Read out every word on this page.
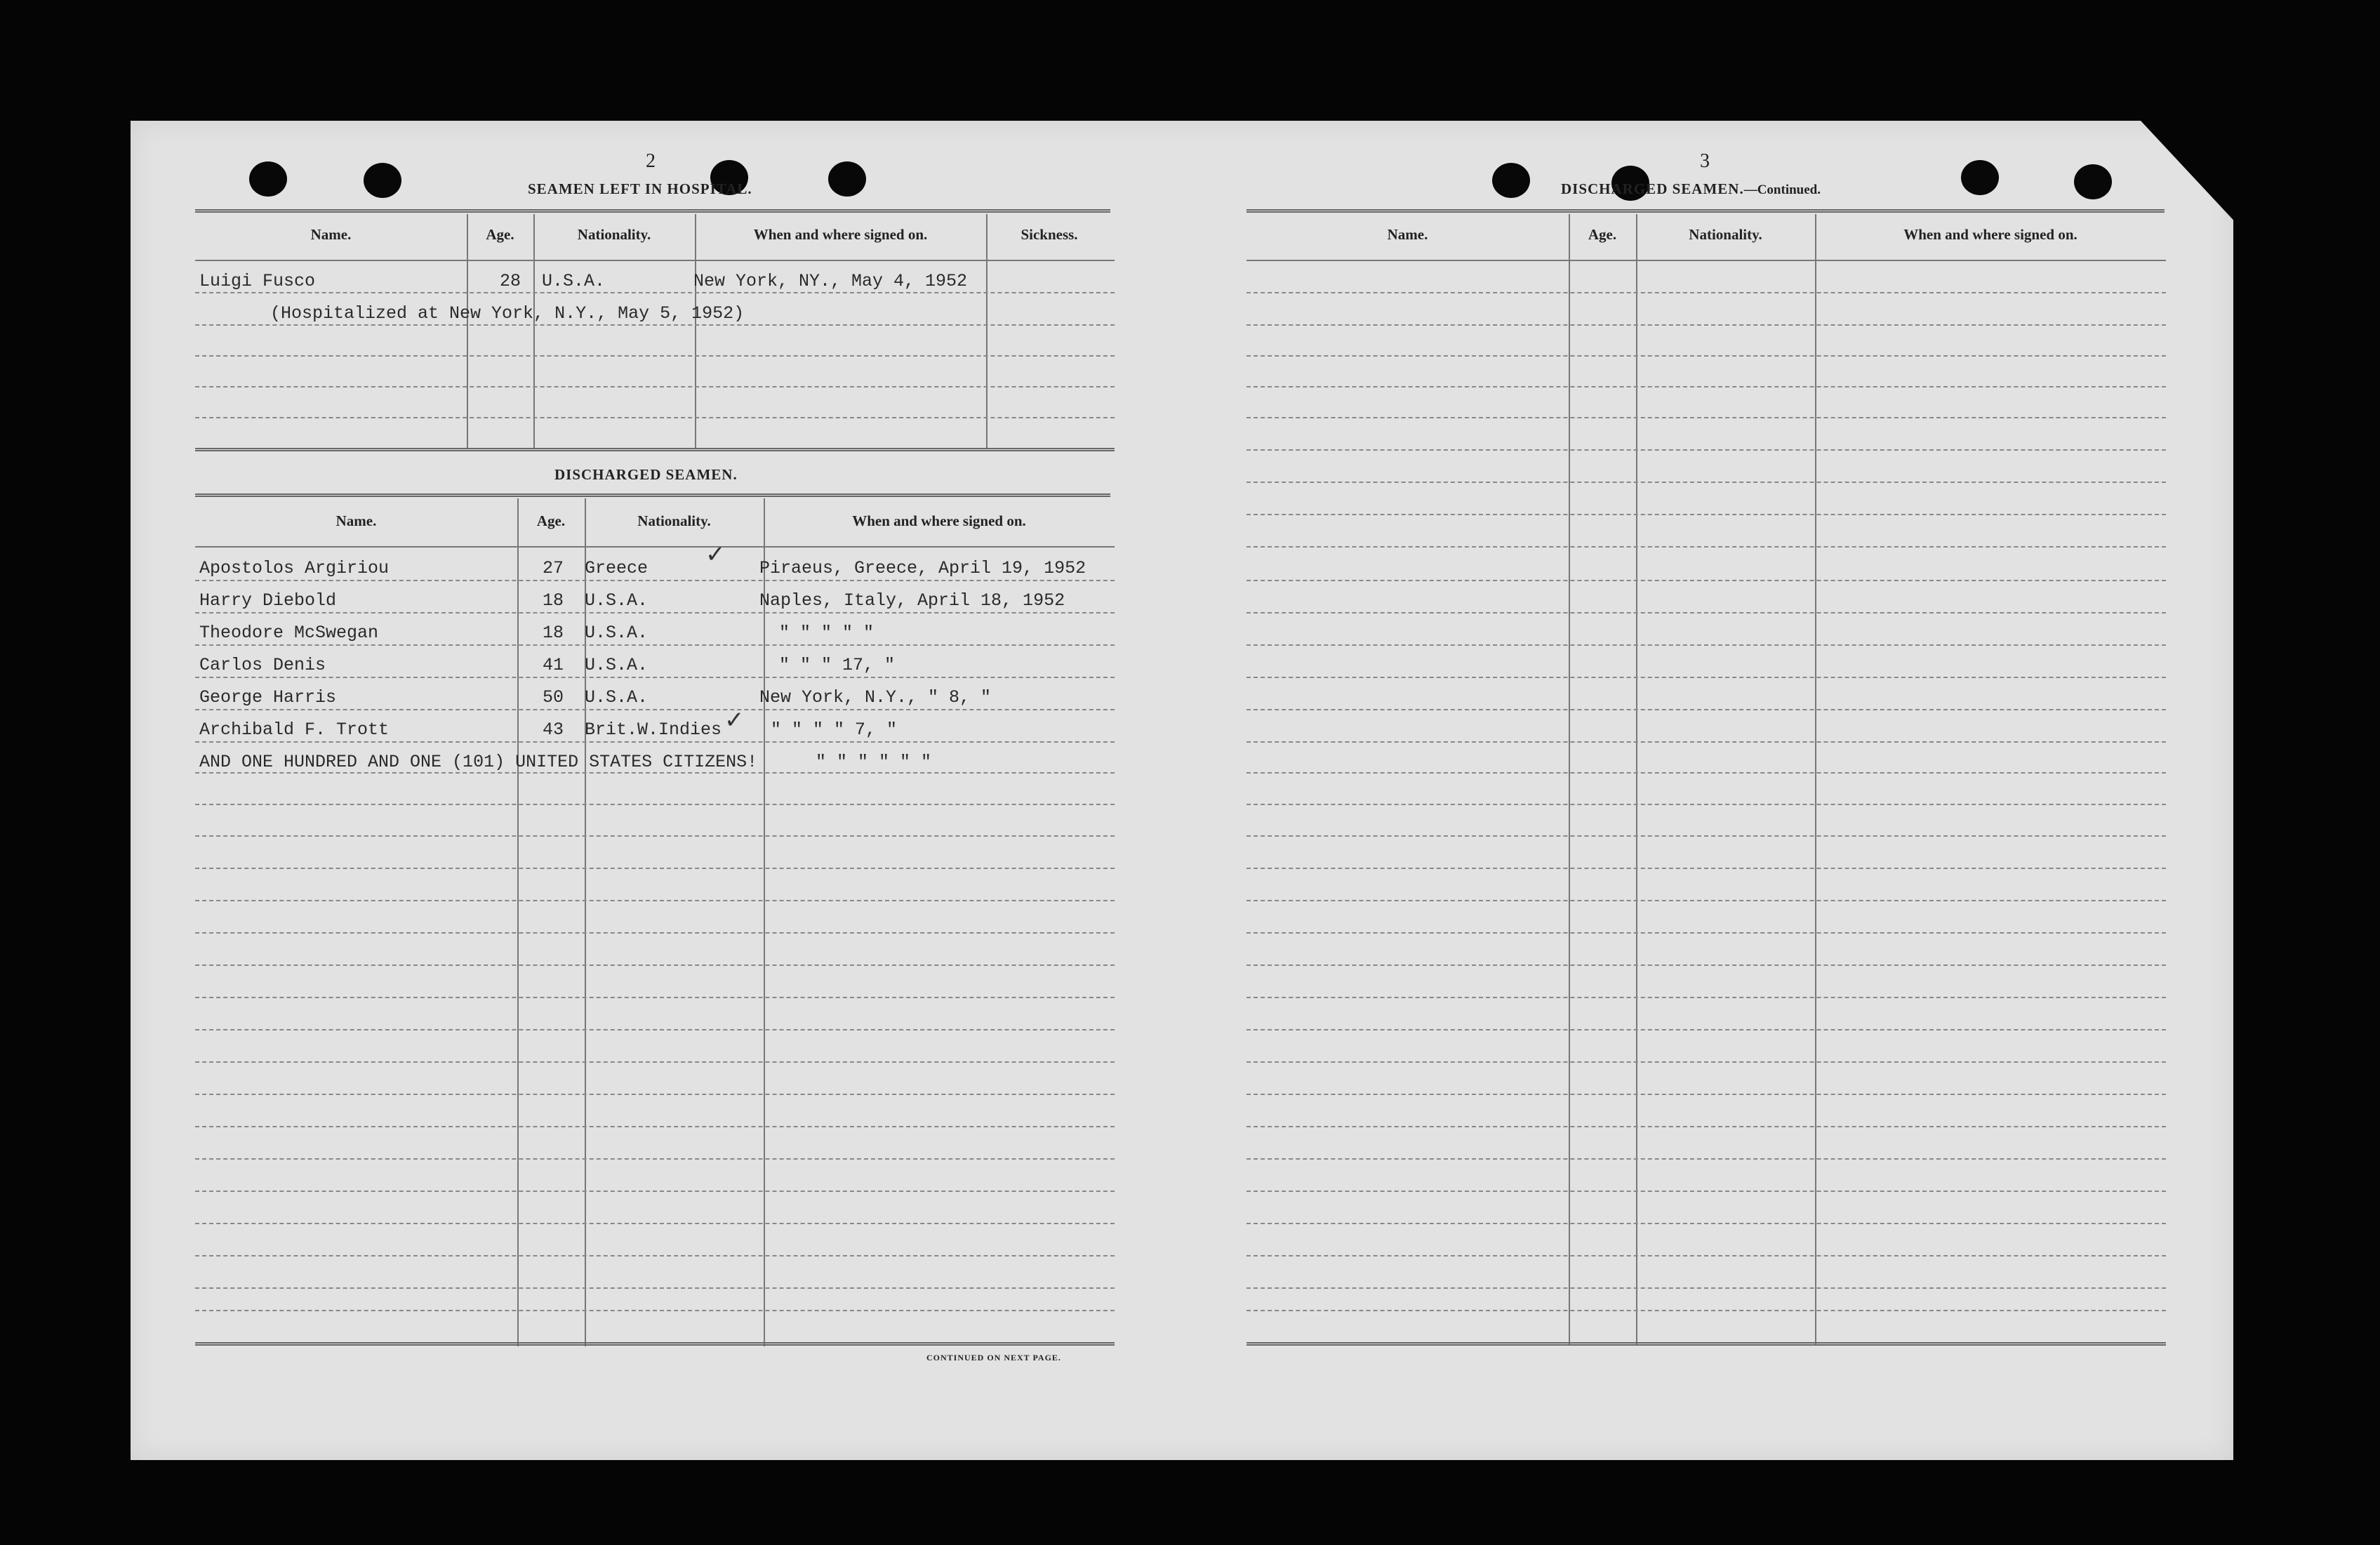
2
SEAMEN LEFT IN HOSPITAL.
Name.	Age.	Nationality.	When and where signed on.	Sickness.
Luigi Fusco	28 U.S.A.	New York, NY., May 4, 1952
(Hospitalized at New York, N.Y., May 5, 1952)
DISCHARGED SEAMEN.
Name.	Age.	Nationality.	When and where signed on.
Apostolos Argiriou	27 Greece	Piraeus, Greece, April 19, 1952
✓
Harry Diebold	18 U.S.A.	Naples, Italy, April 18, 1952
Theodore McSwegan	18 U.S.A.	" " " " "
Carlos Denis	41 U.S.A.	" " " 17, "
George Harris	50 U.S.A.	New York, N.Y., " 8, "
Archibald F. Trott	43 Brit.W.Indies	" " " " 7, "
✓
AND ONE HUNDRED AND ONE (101) UNITED STATES CITIZENS!	" " " " " "
CONTINUED ON NEXT PAGE.
3
DISCHARGED SEAMEN.—Continued.
Name.	Age.	Nationality.	When and where signed on.
